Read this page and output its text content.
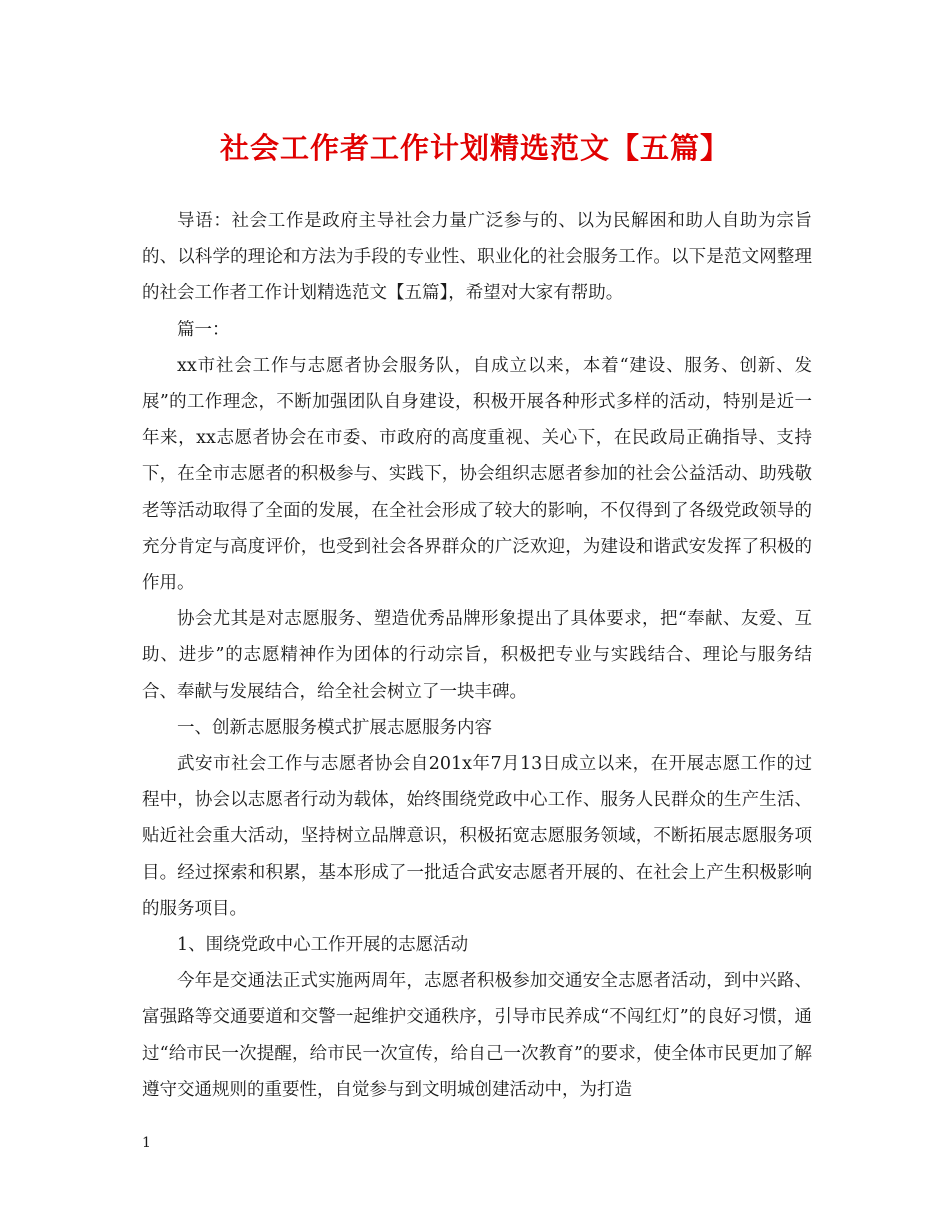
社会工作者工作计划精选范文【五篇】

导语：社会工作是政府主导社会力量广泛参与的、以为民解困和助人自助为宗旨的、以科学的理论和方法为手段的专业性、职业化的社会服务工作。以下是范文网整理的社会工作者工作计划精选范文【五篇】，希望对大家有帮助。

篇一：

xx市社会工作与志愿者协会服务队，自成立以来，本着“建设、服务、创新、发展”的工作理念，不断加强团队自身建设，积极开展各种形式多样的活动，特别是近一年来，xx志愿者协会在市委、市政府的高度重视、关心下，在民政局正确指导、支持下，在全市志愿者的积极参与、实践下，协会组织志愿者参加的社会公益活动、助残敬老等活动取得了全面的发展，在全社会形成了较大的影响，不仅得到了各级党政领导的充分肯定与高度评价，也受到社会各界群众的广泛欢迎，为建设和谐武安发挥了积极的作用。

协会尤其是对志愿服务、塑造优秀品牌形象提出了具体要求，把“奉献、友爱、互助、进步”的志愿精神作为团体的行动宗旨，积极把专业与实践结合、理论与服务结合、奉献与发展结合，给全社会树立了一块丰碑。

一、创新志愿服务模式扩展志愿服务内容

武安市社会工作与志愿者协会自201x年7月13日成立以来，在开展志愿工作的过程中，协会以志愿者行动为载体，始终围绕党政中心工作、服务人民群众的生产生活、贴近社会重大活动，坚持树立品牌意识，积极拓宽志愿服务领域，不断拓展志愿服务项目。经过探索和积累，基本形成了一批适合武安志愿者开展的、在社会上产生积极影响的服务项目。

1、围绕党政中心工作开展的志愿活动

今年是交通法正式实施两周年，志愿者积极参加交通安全志愿者活动，到中兴路、富强路等交通要道和交警一起维护交通秩序，引导市民养成“不闯红灯”的良好习惯，通过“给市民一次提醒，给市民一次宣传，给自己一次教育”的要求，使全体市民更加了解遵守交通规则的重要性，自觉参与到文明城创建活动中，为打造

1
